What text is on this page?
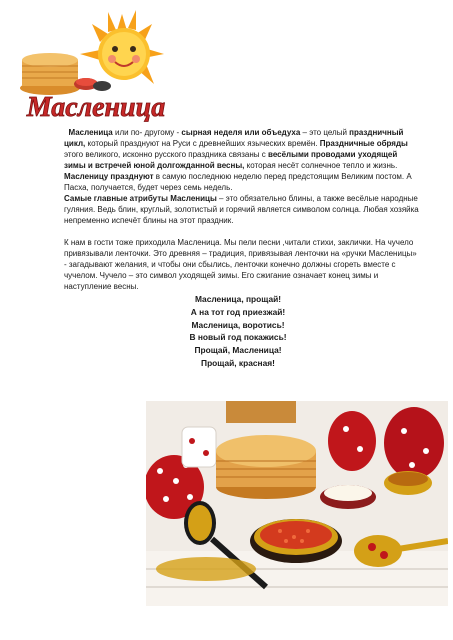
Масленица

Масленица или по- другому - сырная неделя или объедуха – это целый праздничный цикл, который празднуют на Руси с древнейших языческих времён. Праздничные обряды этого великого, исконно русского праздника связаны с весёлыми проводами уходящей зимы и встречей юной долгожданной весны, которая несёт солнечное тепло и жизнь.

Масленицу празднуют в самую последнюю неделю перед предстоящим Великим постом. А Пасха, получается, будет через семь недель.

Самые главные атрибуты Масленицы – это обязательно блины, а также весёлые народные гуляния. Ведь блин, круглый, золотистый и горячий является символом солнца. Любая хозяйка непременно испечёт блины на этот праздник.

К нам в гости тоже приходила Масленица. Мы пели песни ,читали стихи, заклички. На чучело привязывали ленточки. Это древняя – традиция, привязывая ленточки на «ручки Масленицы» - загадывают желания, и чтобы они сбылись, ленточки конечно должны сгореть вместе с чучелом. Чучело – это символ уходящей зимы. Его сжигание означает конец зимы и наступление весны.

Масленица, прощай!
А на тот год приезжай!
Масленица, воротись!
В новый год покажись!
Прощай, Масленица!
Прощай, красная!
